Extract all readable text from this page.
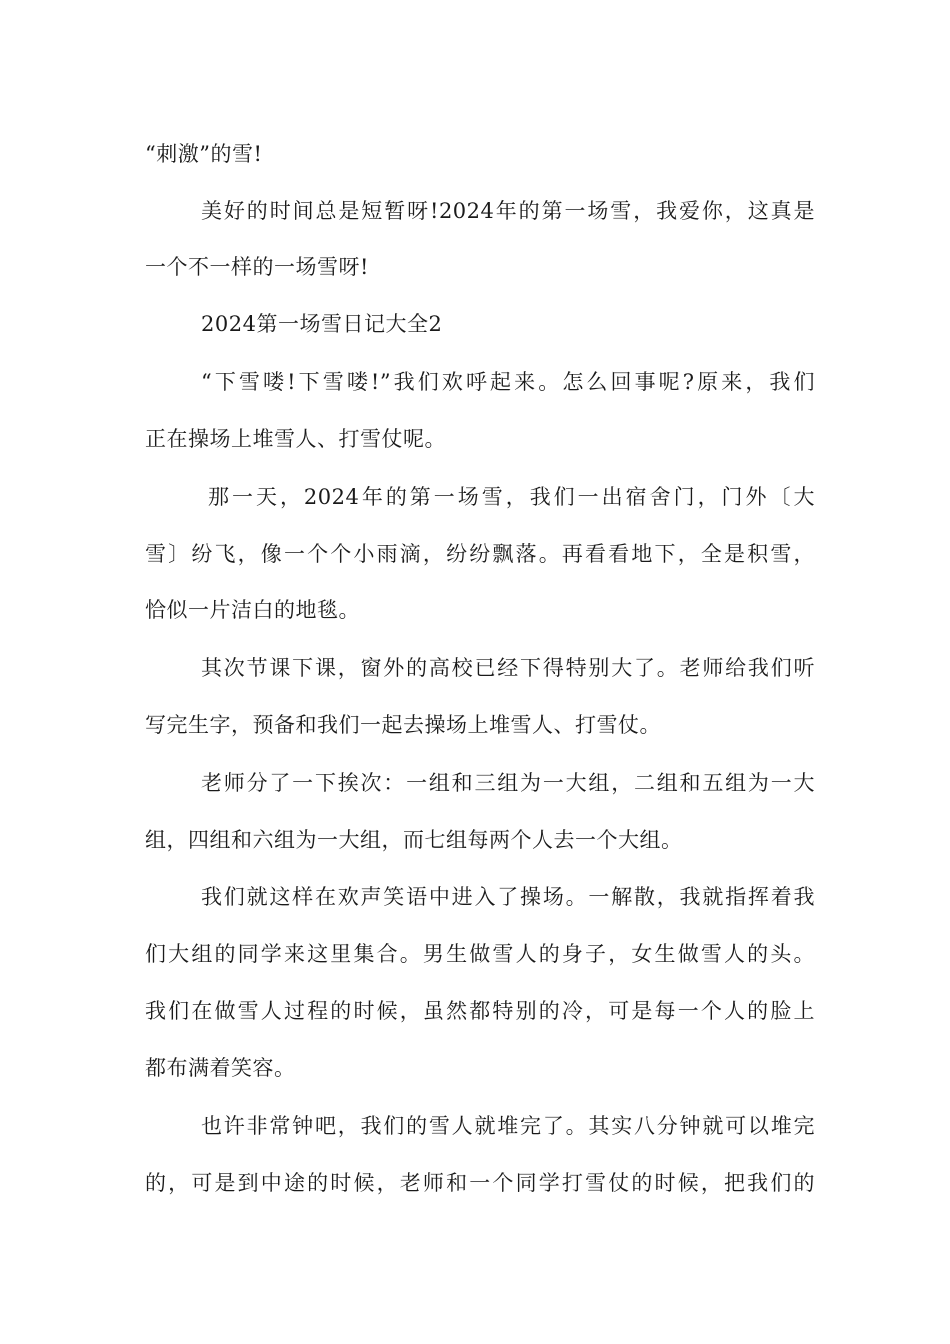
“刺激”的雪!
美好的时间总是短暂呀!2024年的第一场雪，我爱你，这真是
一个不一样的一场雪呀!
2024第一场雪日记大全2
“下雪喽!下雪喽!”我们欢呼起来。怎么回事呢?原来，我们
正在操场上堆雪人、打雪仗呢。
那一天，2024年的第一场雪，我们一出宿舍门，门外〔大
雪〕纷飞，像一个个小雨滴，纷纷飘落。再看看地下，全是积雪，
恰似一片洁白的地毯。
其次节课下课，窗外的高校已经下得特别大了。老师给我们听
写完生字，预备和我们一起去操场上堆雪人、打雪仗。
老师分了一下挨次：一组和三组为一大组，二组和五组为一大
组，四组和六组为一大组，而七组每两个人去一个大组。
我们就这样在欢声笑语中进入了操场。一解散，我就指挥着我
们大组的同学来这里集合。男生做雪人的身子，女生做雪人的头。
我们在做雪人过程的时候，虽然都特别的冷，可是每一个人的脸上
都布满着笑容。
也许非常钟吧，我们的雪人就堆完了。其实八分钟就可以堆完
的，可是到中途的时候，老师和一个同学打雪仗的时候，把我们的
